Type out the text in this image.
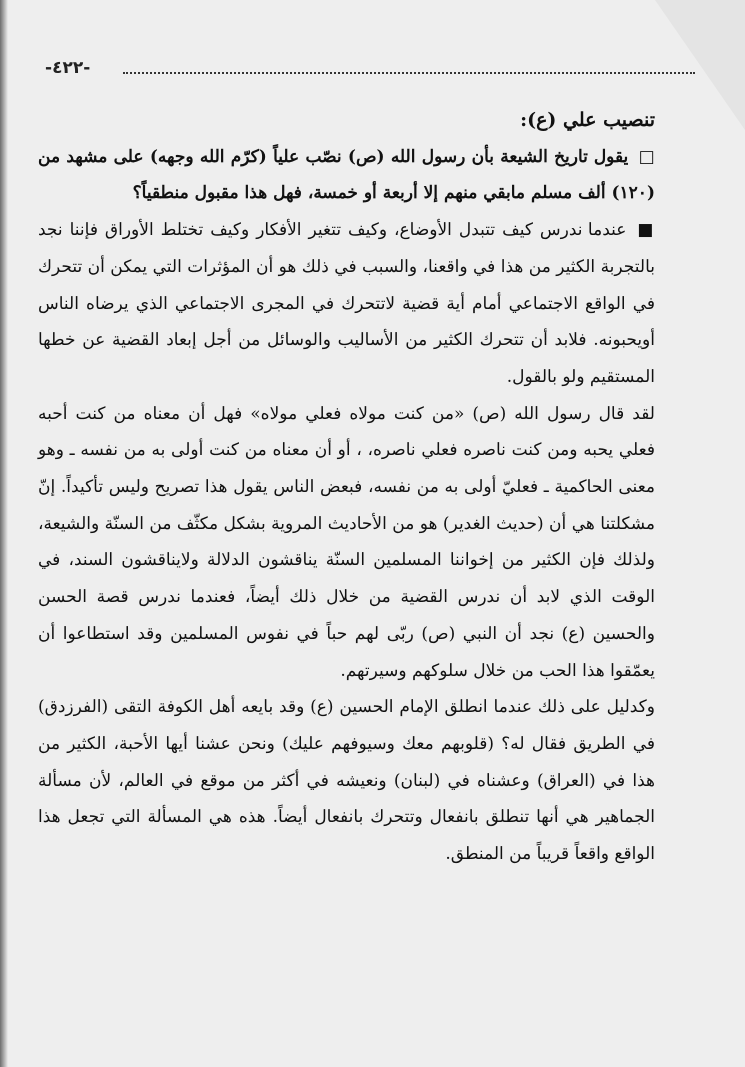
-٤٢٢-

تنصيب علي (ع):

□ يقول تاريخ الشيعة بأن رسول الله (ص) نصّب علياً (كرّم الله وجهه) على مشهد من (١٢٠) ألف مسلم مابقي منهم إلا أربعة أو خمسة، فهل هذا مقبول منطقياً؟

■ عندما ندرس كيف تتبدل الأوضاع، وكيف تتغير الأفكار وكيف تختلط الأوراق فإننا نجد بالتجربة الكثير من هذا في واقعنا، والسبب في ذلك هو أن المؤثرات التي يمكن أن تتحرك في الواقع الاجتماعي أمام أية قضية لاتتحرك في المجرى الاجتماعي الذي يرضاه الناس أويحبونه. فلابد أن تتحرك الكثير من الأساليب والوسائل من أجل إبعاد القضية عن خطها المستقيم ولو بالقول.

لقد قال رسول الله (ص) «من كنت مولاه فعلي مولاه» فهل أن معناه من كنت أحبه فعلي يحبه ومن كنت ناصره فعلي ناصره، ، أو أن معناه من كنت أولى به من نفسه ـ وهو معنى الحاكمية ـ فعليّ أولى به من نفسه، فبعض الناس يقول هذا تصريح وليس تأكيداً. إنّ مشكلتنا هي أن (حديث الغدير) هو من الأحاديث المروية بشكل مكثّف من السنّة والشيعة، ولذلك فإن الكثير من إخواننا المسلمين السنّة يناقشون الدلالة ولايناقشون السند، في الوقت الذي لابد أن ندرس القضية من خلال ذلك أيضاً، فعندما ندرس قصة الحسن والحسين (ع) نجد أن النبي (ص) ربّى لهم حباً في نفوس المسلمين وقد استطاعوا أن يعمّقوا هذا الحب من خلال سلوكهم وسيرتهم.

وكدليل على ذلك عندما انطلق الإمام الحسين (ع) وقد بايعه أهل الكوفة التقى (الفرزدق) في الطريق فقال له؟ (قلوبهم معك وسيوفهم عليك) ونحن عشنا أيها الأحبة، الكثير من هذا في (العراق) وعشناه في (لبنان) ونعيشه في أكثر من موقع في العالم، لأن مسألة الجماهير هي أنها تنطلق بانفعال وتتحرك بانفعال أيضاً. هذه هي المسألة التي تجعل هذا الواقع واقعاً قريباً من المنطق.
